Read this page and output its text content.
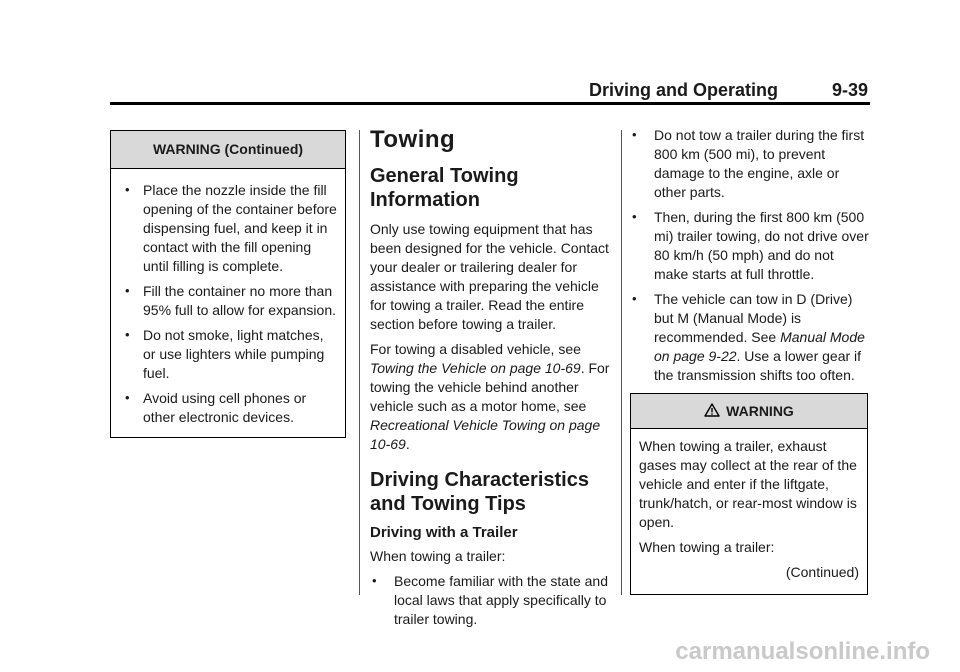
Driving and Operating	9-39
WARNING (Continued)
• Place the nozzle inside the fill opening of the container before dispensing fuel, and keep it in contact with the fill opening until filling is complete.
• Fill the container no more than 95% full to allow for expansion.
• Do not smoke, light matches, or use lighters while pumping fuel.
• Avoid using cell phones or other electronic devices.
Towing
General Towing Information

Only use towing equipment that has been designed for the vehicle. Contact your dealer or trailering dealer for assistance with preparing the vehicle for towing a trailer. Read the entire section before towing a trailer.

For towing a disabled vehicle, see Towing the Vehicle on page 10-69. For towing the vehicle behind another vehicle such as a motor home, see Recreational Vehicle Towing on page 10-69.

Driving Characteristics and Towing Tips
Driving with a Trailer

When towing a trailer:

• Become familiar with the state and local laws that apply specifically to trailer towing.
• Do not tow a trailer during the first 800 km (500 mi), to prevent damage to the engine, axle or other parts.
• Then, during the first 800 km (500 mi) trailer towing, do not drive over 80 km/h (50 mph) and do not make starts at full throttle.
• The vehicle can tow in D (Drive) but M (Manual Mode) is recommended. See Manual Mode on page 9-22. Use a lower gear if the transmission shifts too often.
WARNING

When towing a trailer, exhaust gases may collect at the rear of the vehicle and enter if the liftgate, trunk/hatch, or rear-most window is open.

When towing a trailer:

(Continued)

carmanualsonline.info
